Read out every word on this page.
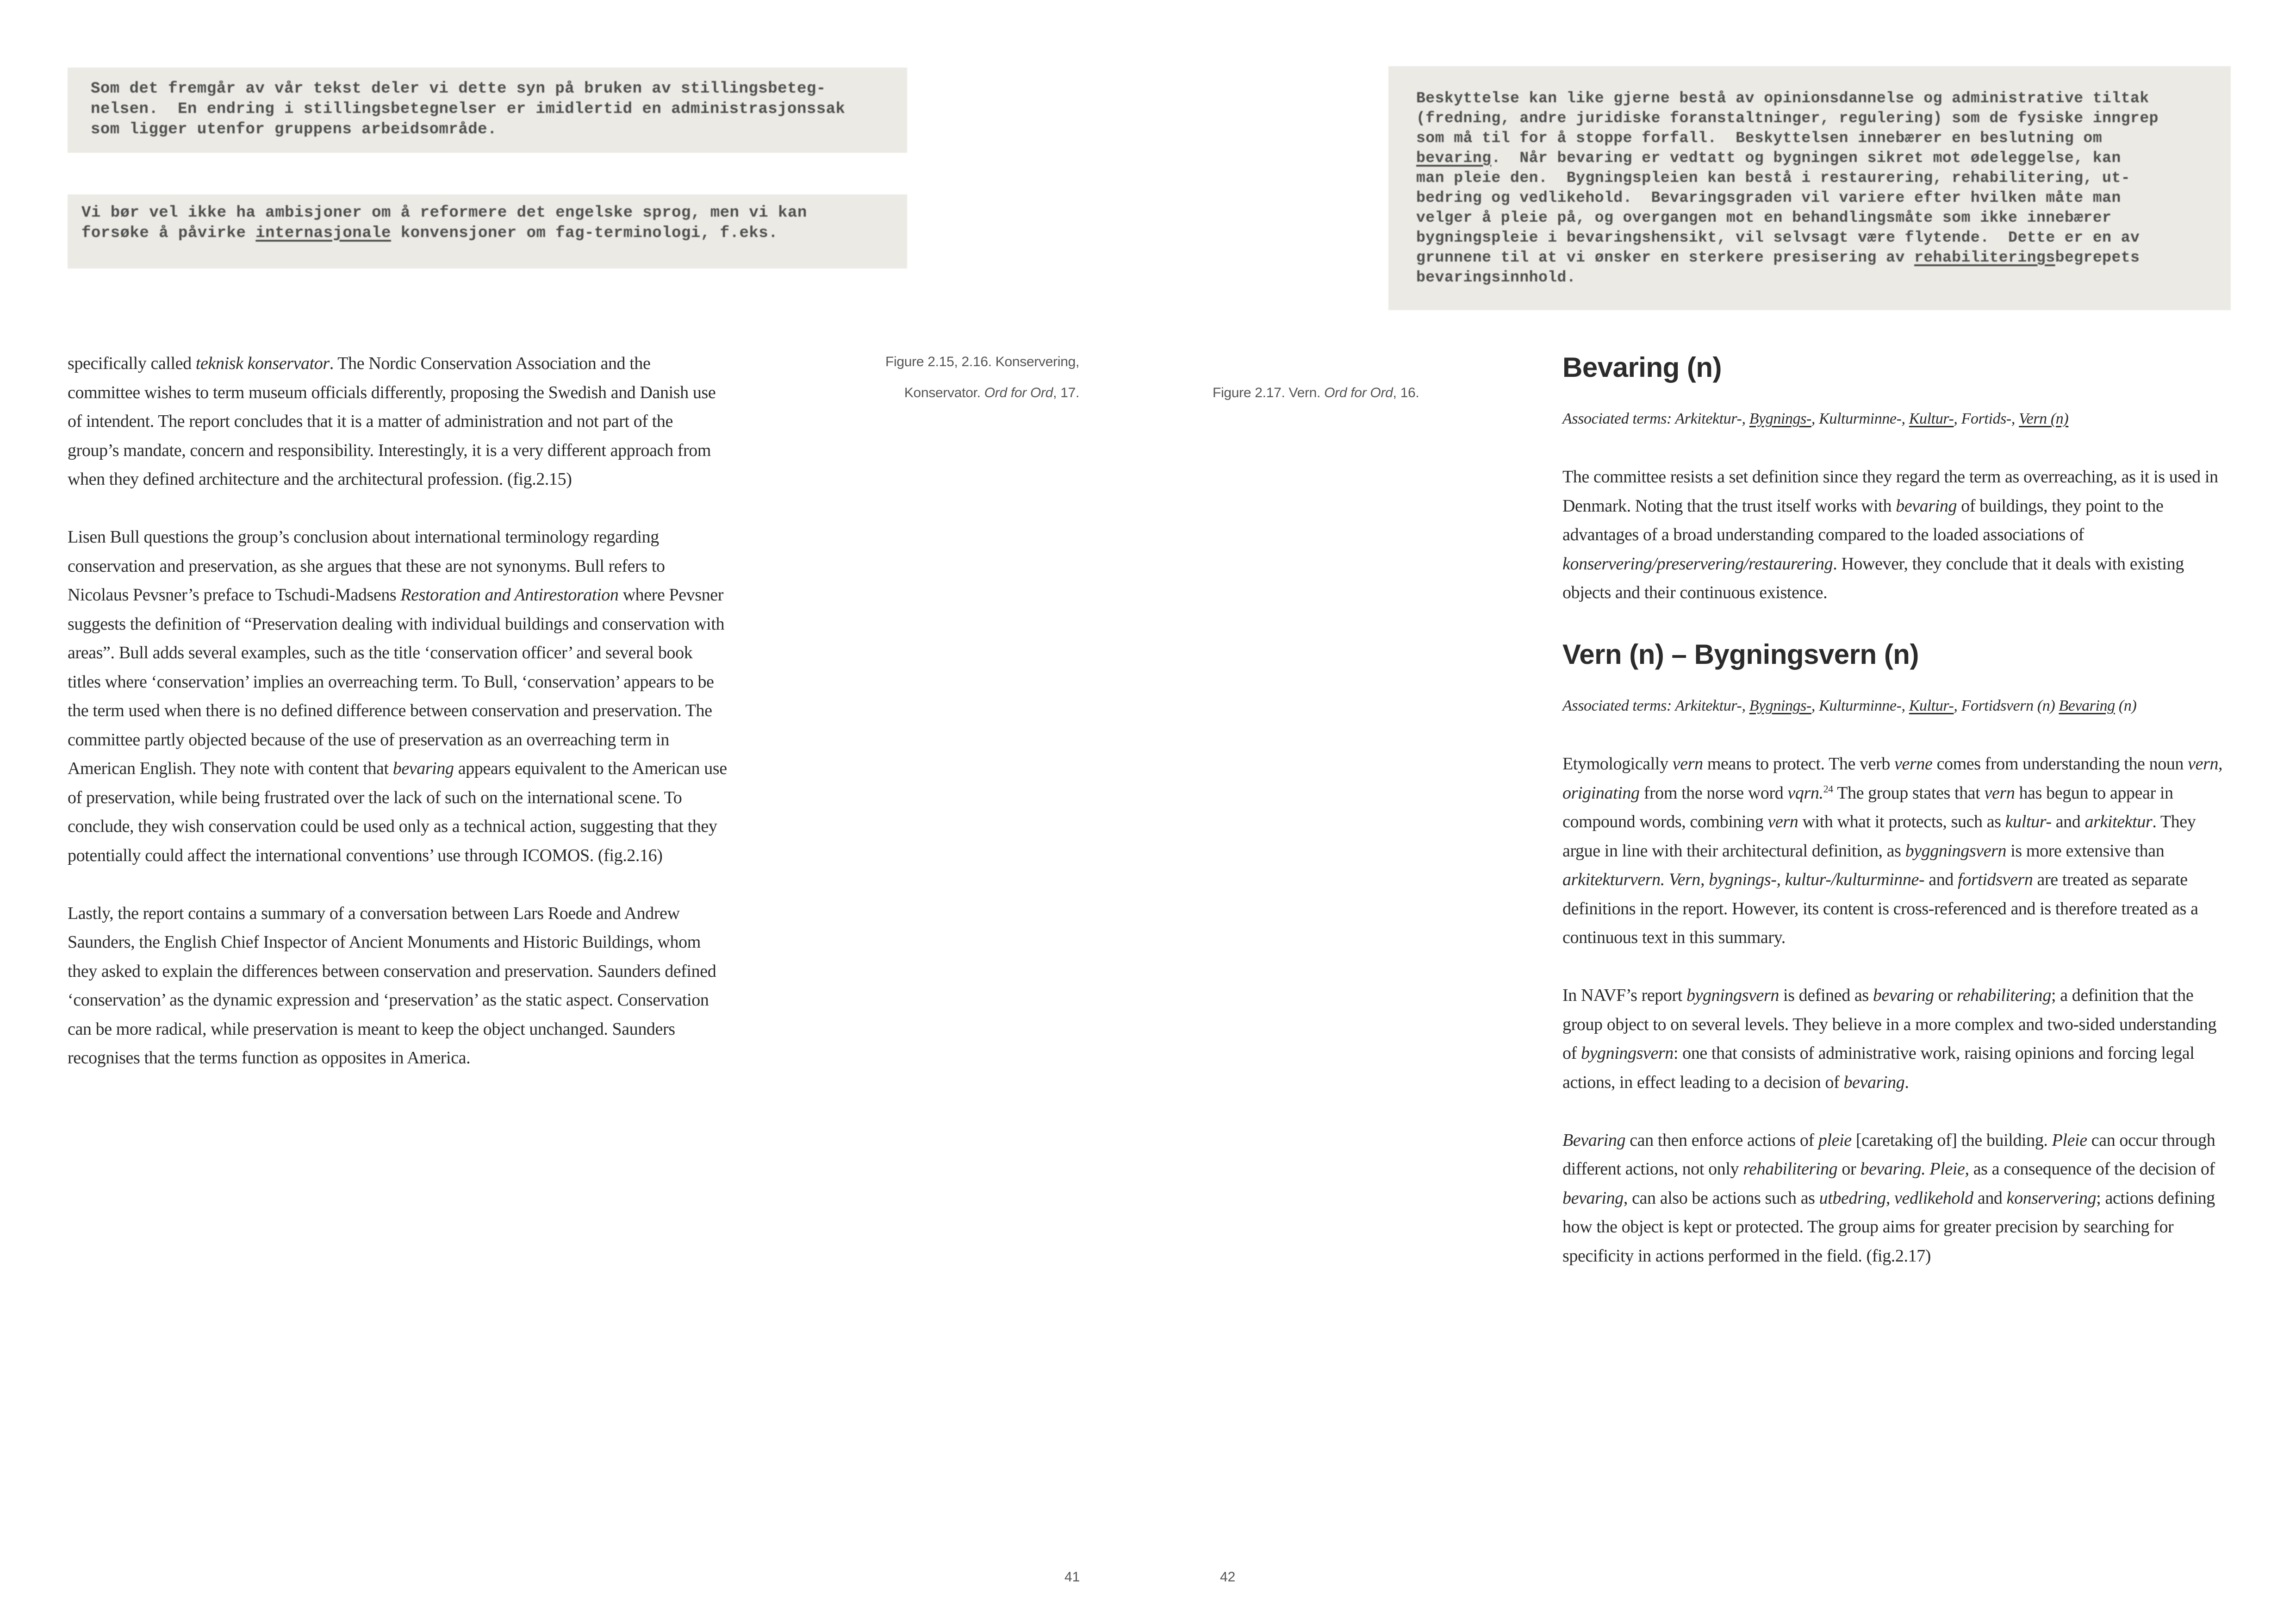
Som det fremgår av vår tekst deler vi dette syn på bruken av stillingsbeteg-
nelsen.  En endring i stillingsbetegnelser er imidlertid en administrasjonssak
som ligger utenfor gruppens arbeidsområde.
Vi bør vel ikke ha ambisjoner om å reformere det engelske sprog, men vi kan
forsøke å påvirke internasjonale konvensjoner om fag-terminologi, f.eks.
Beskyttelse kan like gjerne bestå av opinionsdannelse og administrative tiltak
(fredning, andre juridiske foranstaltninger, regulering) som de fysiske inngrep
som må til for å stoppe forfall.  Beskyttelsen innebærer en beslutning om
bevaring.  Når bevaring er vedtatt og bygningen sikret mot ødeleggelse, kan
man pleie den.  Bygningspleien kan bestå i restaurering, rehabilitering, ut-
bedring og vedlikehold.  Bevaringsgraden vil variere efter hvilken måte man
velger å pleie på, og overgangen mot en behandlingsmåte som ikke innebærer
bygningspleie i bevaringshensikt, vil selvsagt være flytende.  Dette er en av
grunnene til at vi ønsker en sterkere presisering av rehabiliteringsbegrepets
bevaringsinnhold.
Figure 2.15, 2.16. Konservering,
Konservator. Ord for Ord, 17.	Figure 2.17. Vern. Ord for Ord, 16.

specifically called teknisk konservator. The Nordic Conservation Association and the committee wishes to term museum officials differently, proposing the Swedish and Danish use of intendent. The report concludes that it is a matter of administration and not part of the group’s mandate, concern and responsibility. Interestingly, it is a very different approach from when they defined architecture and the architectural profession. (fig.2.15)

Lisen Bull questions the group’s conclusion about international terminology regarding conservation and preservation, as she argues that these are not synonyms. Bull refers to Nicolaus Pevsner’s preface to Tschudi-Madsens Restoration and Antirestoration where Pevsner suggests the definition of “Preservation dealing with individual buildings and conservation with areas”. Bull adds several examples, such as the title ‘conservation officer’ and several book titles where ‘conservation’ implies an overreaching term. To Bull, ‘conservation’ appears to be the term used when there is no defined difference between conservation and preservation. The committee partly objected because of the use of preservation as an overreaching term in American English. They note with content that bevaring appears equivalent to the American use of preservation, while being frustrated over the lack of such on the international scene. To conclude, they wish conservation could be used only as a technical action, suggesting that they potentially could affect the international conventions’ use through ICOMOS. (fig.2.16)

Lastly, the report contains a summary of a conversation between Lars Roede and Andrew Saunders, the English Chief Inspector of Ancient Monuments and Historic Buildings, whom they asked to explain the differences between conservation and preservation. Saunders defined ‘conservation’ as the dynamic expression and ‘preservation’ as the static aspect. Conservation can be more radical, while preservation is meant to keep the object unchanged. Saunders recognises that the terms function as opposites in America.

Bevaring (n)

Associated terms: Arkitektur-, Bygnings-, Kulturminne-, Kultur-, Fortids-, Vern (n)

The committee resists a set definition since they regard the term as overreaching, as it is used in Denmark. Noting that the trust itself works with bevaring of buildings, they point to the advantages of a broad understanding compared to the loaded associations of konservering/preservering/restaurering. However, they conclude that it deals with existing objects and their continuous existence.

Vern (n) – Bygningsvern (n)

Associated terms: Arkitektur-, Bygnings-, Kulturminne-, Kultur-, Fortidsvern (n) Bevaring (n)

Etymologically vern means to protect. The verb verne comes from understanding the noun vern, originating from the norse word vqrn.$^{24}$ The group states that vern has begun to appear in compound words, combining vern with what it protects, such as kultur- and arkitektur. They argue in line with their architectural definition, as byggningsvern is more extensive than arkitekturvern. Vern, bygnings-, kultur-/kulturminne- and fortidsvern are treated as separate definitions in the report. However, its content is cross-referenced and is therefore treated as a continuous text in this summary.

In NAVF’s report bygningsvern is defined as bevaring or rehabilitering; a definition that the group object to on several levels. They believe in a more complex and two-sided understanding of bygningsvern: one that consists of administrative work, raising opinions and forcing legal actions, in effect leading to a decision of bevaring.

Bevaring can then enforce actions of pleie [caretaking of] the building. Pleie can occur through different actions, not only rehabilitering or bevaring. Pleie, as a consequence of the decision of bevaring, can also be actions such as utbedring, vedlikehold and konservering; actions defining how the object is kept or protected. The group aims for greater precision by searching for specificity in actions performed in the field. (fig.2.17)

41	42
